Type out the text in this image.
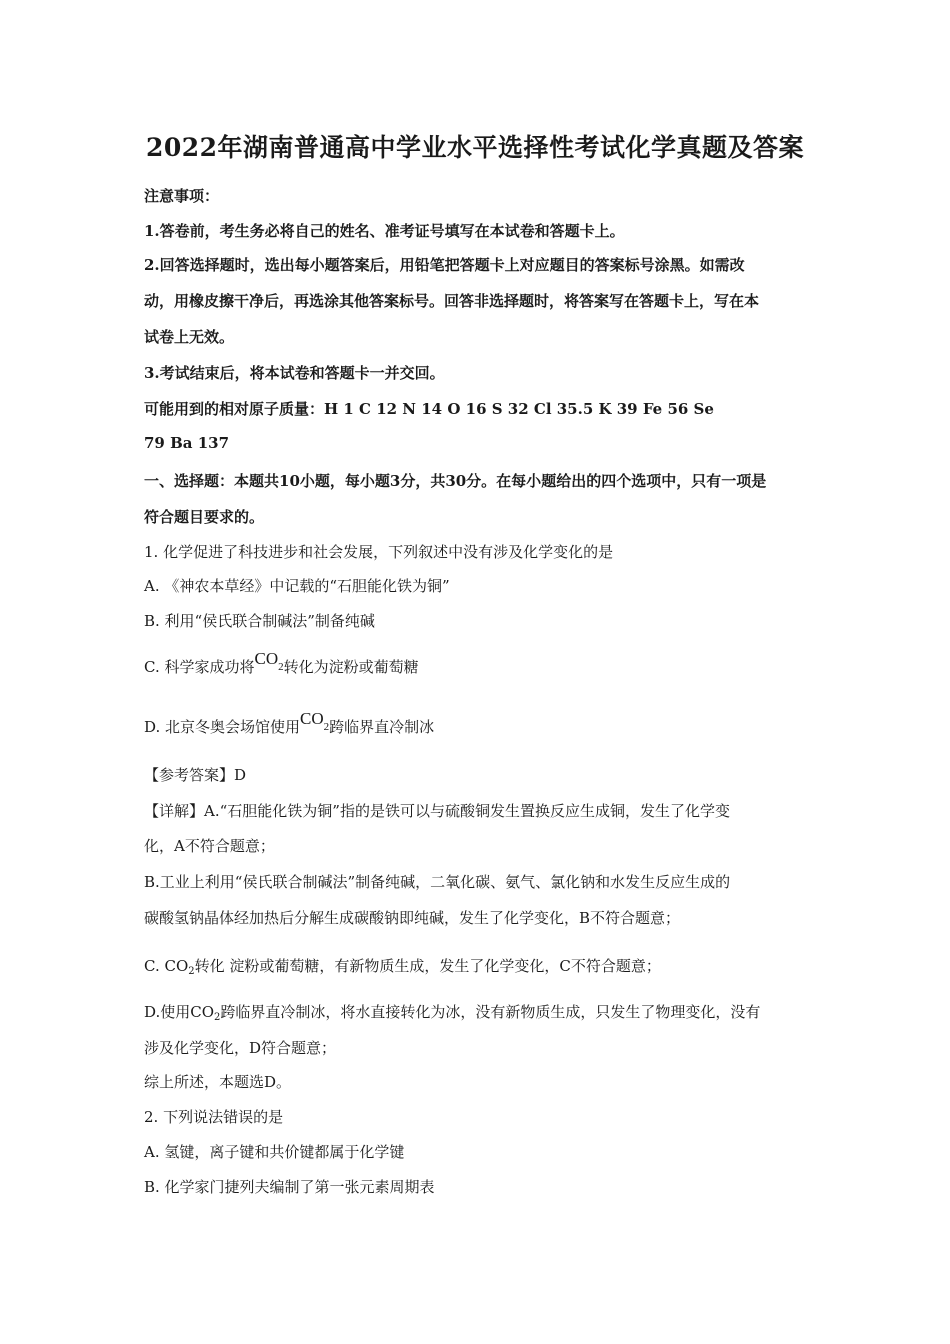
2022年湖南普通高中学业水平选择性考试化学真题及答案
注意事项：
1.答卷前，考生务必将自己的姓名、准考证号填写在本试卷和答题卡上。
2.回答选择题时，选出每小题答案后，用铅笔把答题卡上对应题目的答案标号涂黑。如需改
动，用橡皮擦干净后，再选涂其他答案标号。回答非选择题时，将答案写在答题卡上，写在本
试卷上无效。
3.考试结束后，将本试卷和答题卡一并交回。
可能用到的相对原子质量：H 1 C 12 N 14 O 16 S 32 Cl 35.5 K 39 Fe 56 Se
79 Ba 137
一、选择题：本题共10小题，每小题3分，共30分。在每小题给出的四个选项中，只有一项是
符合题目要求的。
1. 化学促进了科技进步和社会发展，下列叙述中没有涉及化学变化的是
A. 《神农本草经》中记载的“石胆能化铁为铜”
B. 利用“侯氏联合制碱法”制备纯碱
C. 科学家成功将CO2转化为淀粉或葡萄糖
D. 北京冬奥会场馆使用CO2跨临界直冷制冰
【参考答案】D
【详解】A.“石胆能化铁为铜”指的是铁可以与硫酸铜发生置换反应生成铜，发生了化学变
化，A不符合题意；
B.工业上利用“侯氏联合制碱法”制备纯碱，二氧化碳、氨气、氯化钠和水发生反应生成的
碳酸氢钠晶体经加热后分解生成碳酸钠即纯碱，发生了化学变化，B不符合题意；
C. $CO_2$转化 淀粉或葡萄糖，有新物质生成，发生了化学变化，C不符合题意；
D.使用$CO_2$跨临界直冷制冰，将水直接转化为冰，没有新物质生成，只发生了物理变化，没有
涉及化学变化，D符合题意；
综上所述，本题选D。
2. 下列说法错误的是
A. 氢键，离子键和共价键都属于化学键
B. 化学家门捷列夫编制了第一张元素周期表
